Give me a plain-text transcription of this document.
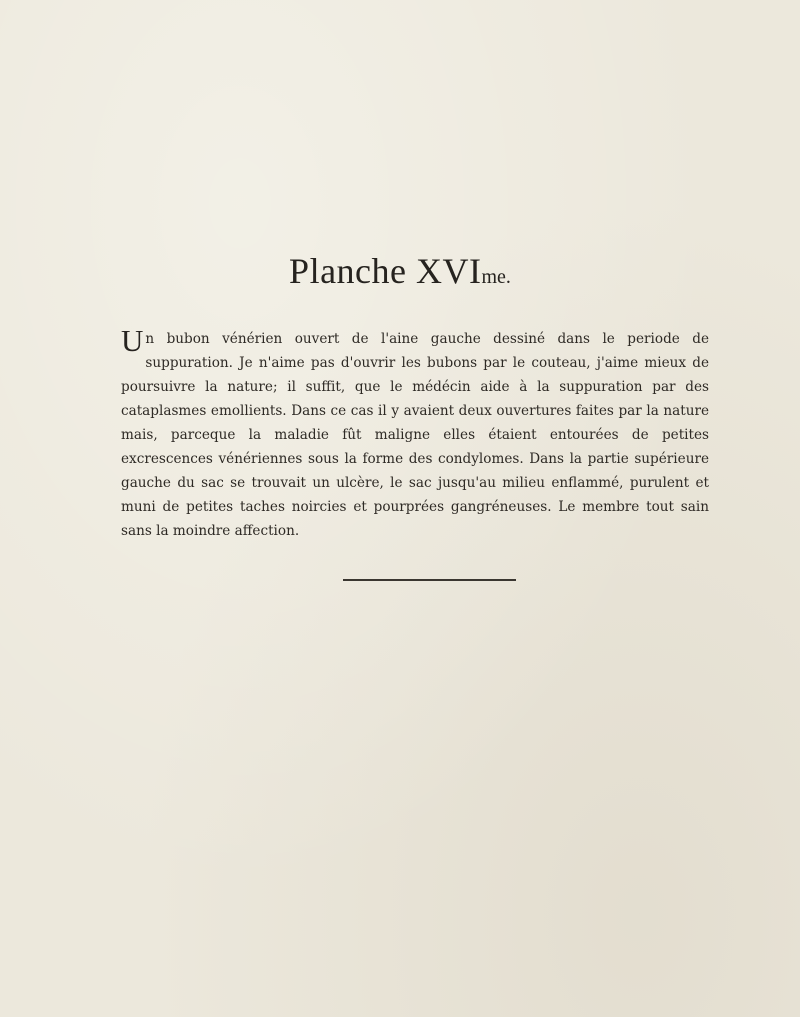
Planche XVIme.
Un bubon vénérien ouvert de l'aine gauche dessiné dans le periode de suppuration. Je n'aime pas d'ouvrir les bubons par le couteau, j'aime mieux de poursuivre la nature; il suffit, que le médécin aide à la suppuration par des cataplasmes emollients. Dans ce cas il y avaient deux ouvertures faites par la nature mais, parceque la maladie fût maligne elles étaient entourées de petites excrescences vénériennes sous la forme des condylomes. Dans la partie supérieure gauche du sac se trouvait un ulcère, le sac jusqu'au milieu enflammé, purulent et muni de petites taches noircies et pourprées gangréneuses. Le membre tout sain sans la moindre affection.
